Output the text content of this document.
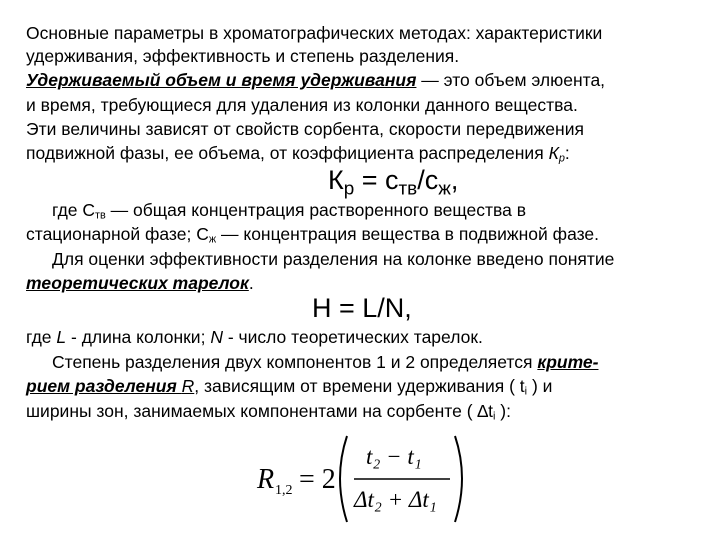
Основные параметры в хроматографических методах: характеристики
удерживания, эффективность и степень разделения.
Удерживаемый объем и время удерживания — это объем элюента,
и время, требующиеся для удаления из колонки данного вещества.
Эти величины зависят от свойств сорбента, скорости передвижения
подвижной фазы, ее объема, от коэффициента распределения $К_р$:
$К_р = с_{тв}/с_ж$,
где $С_{тв}$ — общая концентрация растворенного вещества в
стационарной фазе; $С_ж$ — концентрация вещества в подвижной фазе.
Для оценки эффективности разделения на колонке введено понятие
теоретических тарелок.
H = L/N,
где L - длина колонки; N - число теоретических тарелок.
Степень разделения двух компонентов 1 и 2 определяется крите-
рием разделения R, зависящим от времени удерживания ( $t_i$ ) и
ширины зон, занимаемых компонентами на сорбенте ( $\Delta t_i$ ):
R 1,2 = 2
t₂ − t₁
Δt₂ + Δt₁
